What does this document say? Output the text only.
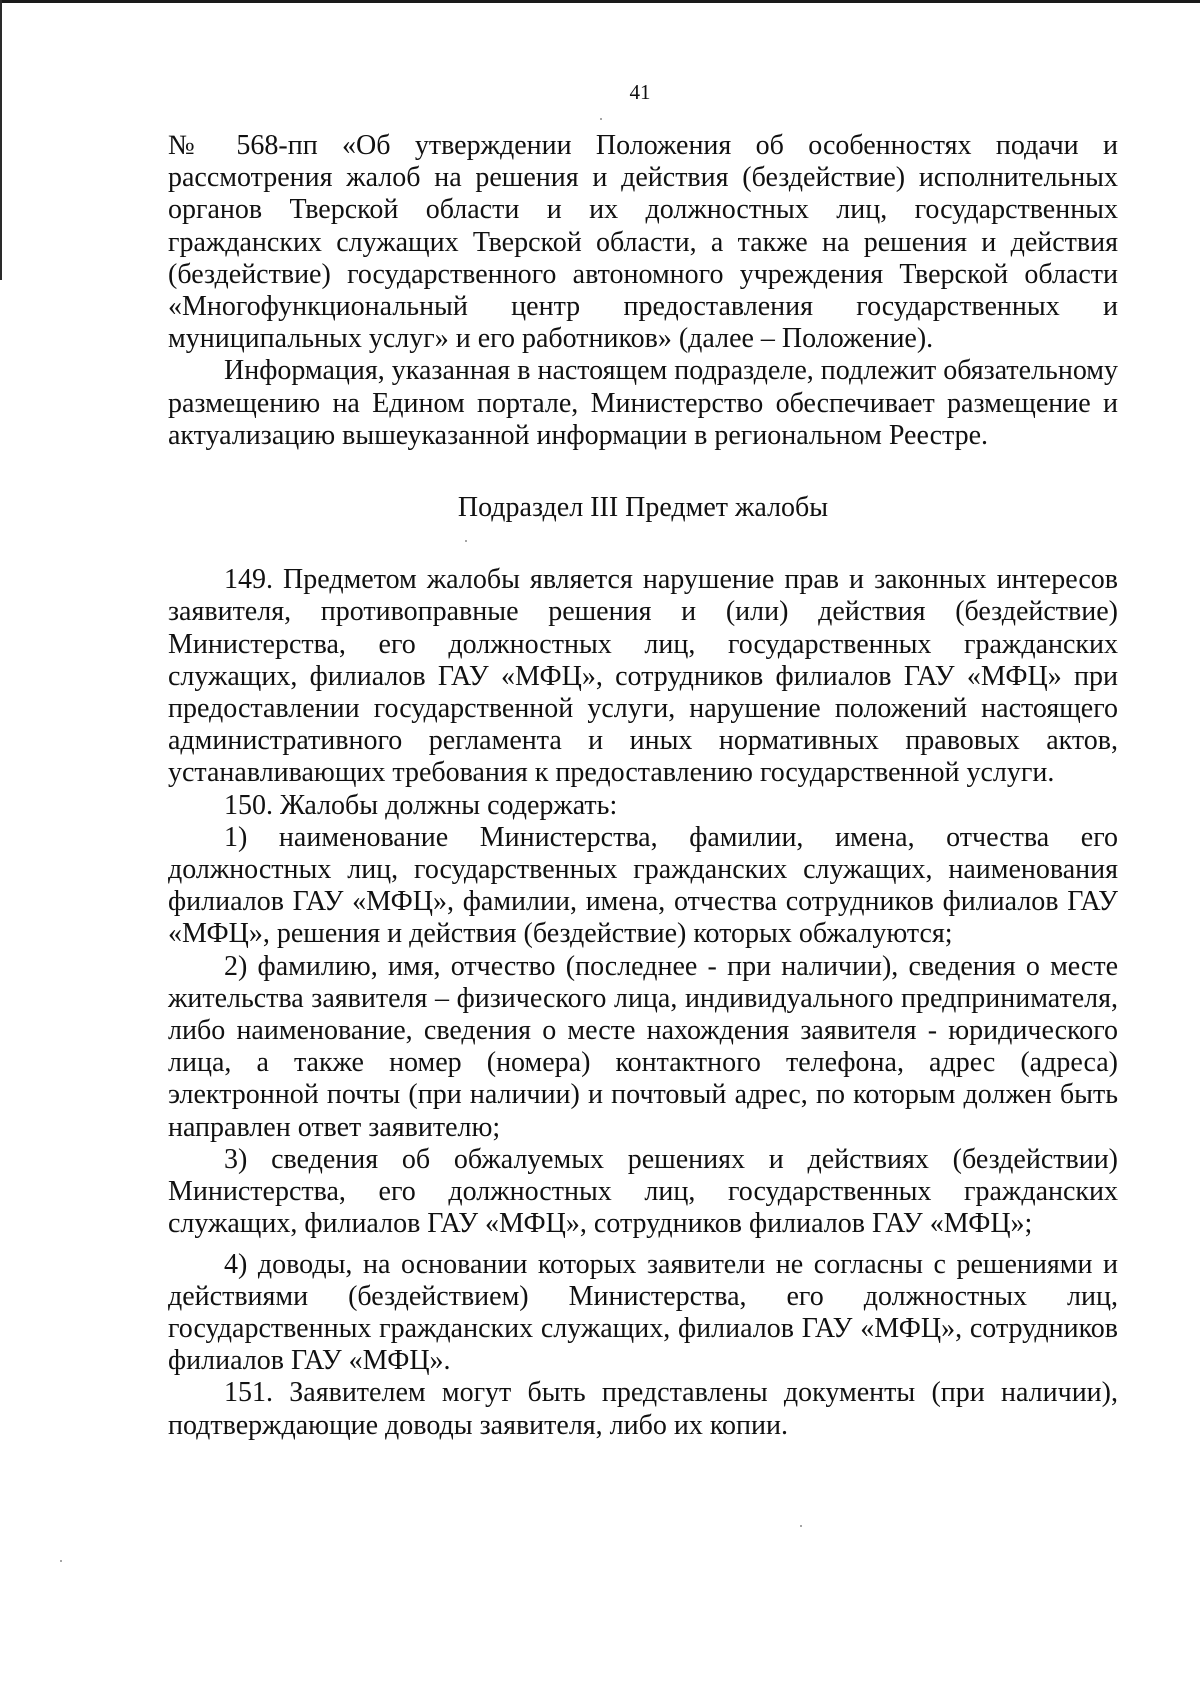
41

№ 568-пп «Об утверждении Положения об особенностях подачи и рассмотрения жалоб на решения и действия (бездействие) исполнительных органов Тверской области и их должностных лиц, государственных гражданских служащих Тверской области, а также на решения и действия (бездействие) государственного автономного учреждения Тверской области «Многофункциональный центр предоставления государственных и муниципальных услуг» и его работников» (далее – Положение).

Информация, указанная в настоящем подразделе, подлежит обязательному размещению на Едином портале, Министерство обеспечивает размещение и актуализацию вышеуказанной информации в региональном Реестре.

Подраздел III Предмет жалобы

149. Предметом жалобы является нарушение прав и законных интересов заявителя, противоправные решения и (или) действия (бездействие) Министерства, его должностных лиц, государственных гражданских служащих, филиалов ГАУ «МФЦ», сотрудников филиалов ГАУ «МФЦ» при предоставлении государственной услуги, нарушение положений настоящего административного регламента и иных нормативных правовых актов, устанавливающих требования к предоставлению государственной услуги.

150. Жалобы должны содержать:

1) наименование Министерства, фамилии, имена, отчества его должностных лиц, государственных гражданских служащих, наименования филиалов ГАУ «МФЦ», фамилии, имена, отчества сотрудников филиалов ГАУ «МФЦ», решения и действия (бездействие) которых обжалуются;

2) фамилию, имя, отчество (последнее - при наличии), сведения о месте жительства заявителя – физического лица, индивидуального предпринимателя, либо наименование, сведения о месте нахождения заявителя - юридического лица, а также номер (номера) контактного телефона, адрес (адреса) электронной почты (при наличии) и почтовый адрес, по которым должен быть направлен ответ заявителю;

3) сведения об обжалуемых решениях и действиях (бездействии) Министерства, его должностных лиц, государственных гражданских служащих, филиалов ГАУ «МФЦ», сотрудников филиалов ГАУ «МФЦ»;

4) доводы, на основании которых заявители не согласны с решениями и действиями (бездействием) Министерства, его должностных лиц, государственных гражданских служащих, филиалов ГАУ «МФЦ», сотрудников филиалов ГАУ «МФЦ».

151. Заявителем могут быть представлены документы (при наличии), подтверждающие доводы заявителя, либо их копии.
